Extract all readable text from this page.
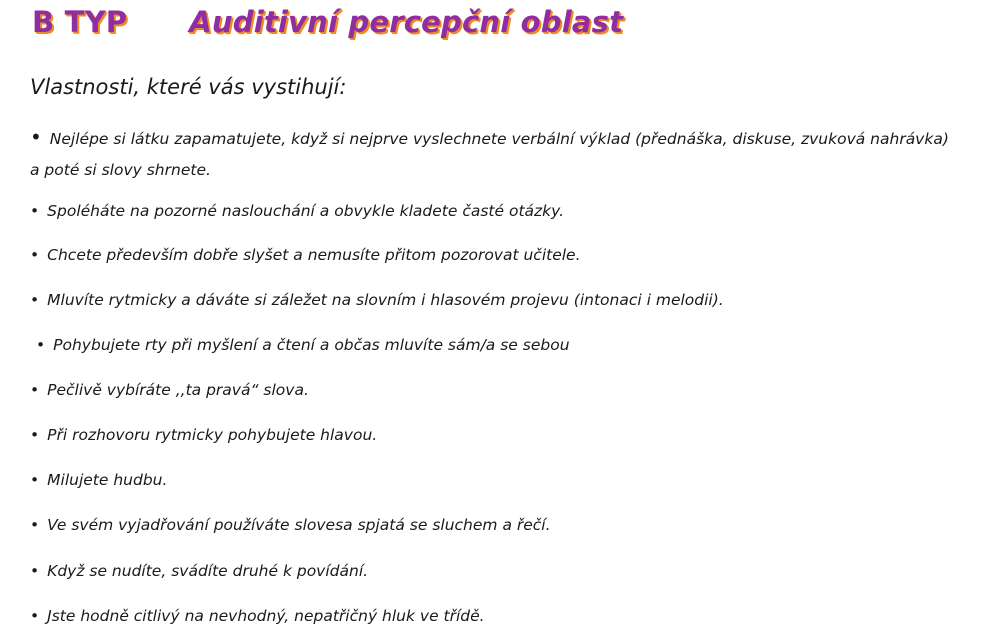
B TYP Auditivní percepční oblast
Vlastnosti, které vás vystihují:
• Nejlépe si látku zapamatujete, když si nejprve vyslechnete verbální výklad (přednáška, diskuse, zvuková nahrávka) a poté si slovy shrnete.
• Spoléháte na pozorné naslouchání a obvykle kladete časté otázky.
• Chcete především dobře slyšet a nemusíte přitom pozorovat učitele.
• Mluvíte rytmicky a dáváte si záležet na slovním i hlasovém projevu (intonaci i melodii).
• Pohybujete rty při myšlení a čtení a občas mluvíte sám/a se sebou
• Pečlivě vybíráte ,,ta pravá“ slova.
• Při rozhovoru rytmicky pohybujete hlavou.
• Milujete hudbu.
• Ve svém vyjadřování používáte slovesa spjatá se sluchem a řečí.
• Když se nudíte, svádíte druhé k povídání.
• Jste hodně citlivý na nevhodný, nepatřičný hluk ve třídě.
